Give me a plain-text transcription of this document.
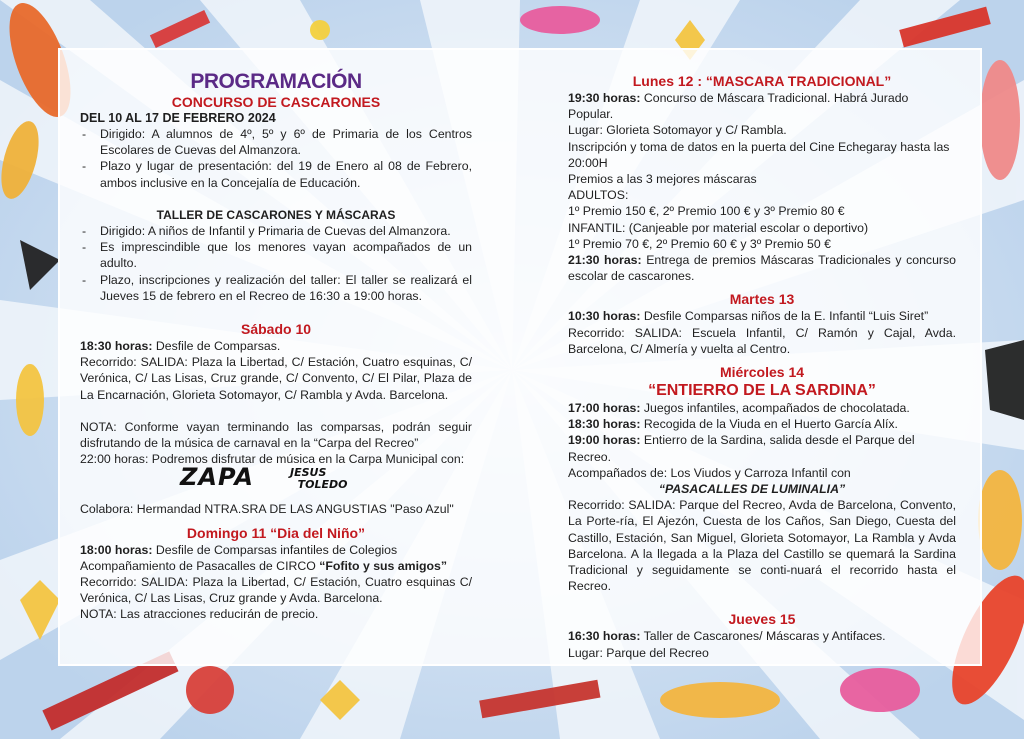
PROGRAMACIÓN
CONCURSO DE CASCARONES
DEL 10 AL 17 DE FEBRERO 2024
- Dirigido: A alumnos de 4º, 5º y 6º de Primaria de los Centros Escolares de Cuevas del Almanzora.
- Plazo y lugar de presentación: del 19 de Enero al 08 de Febrero, ambos inclusive en la Concejalía de Educación.
TALLER DE CASCARONES Y MÁSCARAS
- Dirigido: A niños de Infantil y Primaria de Cuevas del Almanzora.
- Es imprescindible que los menores vayan acompañados de un adulto.
- Plazo, inscripciones y realización del taller: El taller se realizará el Jueves 15 de febrero en el Recreo de 16:30 a 19:00 horas.
Sábado 10

18:30 horas: Desfile de Comparsas.

Recorrido: SALIDA: Plaza la Libertad, C/ Estación, Cuatro esquinas, C/ Verónica, C/ Las Lisas, Cruz grande, C/ Convento, C/ El Pilar, Plaza de La Encarnación, Glorieta Sotomayor, C/ Rambla y Avda. Barcelona.

NOTA: Conforme vayan terminando las comparsas, podrán seguir disfrutando de la música de carnaval en la “Carpa del Recreo”

22:00 horas: Podremos disfrutar de música en la Carpa Municipal con:

ZAPA	JESUS
TOLEDO

Colabora: Hermandad NTRA.SRA DE LAS ANGUSTIAS "Paso Azul"

Domingo 11 “Dia del Niño”

18:00 horas: Desfile de Comparsas infantiles de Colegios

Acompañamiento de Pasacalles de CIRCO “Fofito y sus amigos”

Recorrido: SALIDA: Plaza la Libertad, C/ Estación, Cuatro esquinas C/ Verónica, C/ Las Lisas, Cruz grande y Avda. Barcelona.

NOTA: Las atracciones reducirán de precio.

Lunes 12 : “MASCARA TRADICIONAL”

19:30 horas: Concurso de Máscara Tradicional. Habrá Jurado Popular.

Lugar: Glorieta Sotomayor y C/ Rambla.

Inscripción y toma de datos en la puerta del Cine Echegaray hasta las 20:00H

Premios a las 3 mejores máscaras

ADULTOS:

1º Premio 150 €, 2º Premio 100 € y 3º Premio 80 €

INFANTIL: (Canjeable por material escolar o deportivo)

1º Premio 70 €, 2º Premio 60 € y 3º Premio 50 €

21:30 horas: Entrega de premios Máscaras Tradicionales y concurso escolar de cascarones.

Martes 13

10:30 horas: Desfile Comparsas niños de la E. Infantil “Luis Siret”

Recorrido: SALIDA: Escuela Infantil, C/ Ramón y Cajal, Avda. Barcelona, C/ Almería y vuelta al Centro.

Miércoles 14
“ENTIERRO DE LA SARDINA”

17:00 horas: Juegos infantiles, acompañados de chocolatada.

18:30 horas: Recogida de la Viuda en el Huerto García Alíx.

19:00 horas: Entierro de la Sardina, salida desde el Parque del Recreo.

Acompañados de: Los Viudos y Carroza Infantil con

“PASACALLES DE LUMINALIA”

Recorrido: SALIDA: Parque del Recreo, Avda de Barcelona, Convento, La Porte-ría, El Ajezón, Cuesta de los Caños, San Diego, Cuesta del Castillo, Estación, San Miguel, Glorieta Sotomayor, La Rambla y Avda Barcelona. A la llegada a la Plaza del Castillo se quemará la Sardina Tradicional y seguidamente se conti-nuará el recorrido hasta el Recreo.

Jueves 15

16:30 horas: Taller de Cascarones/ Máscaras y Antifaces.

Lugar: Parque del Recreo
